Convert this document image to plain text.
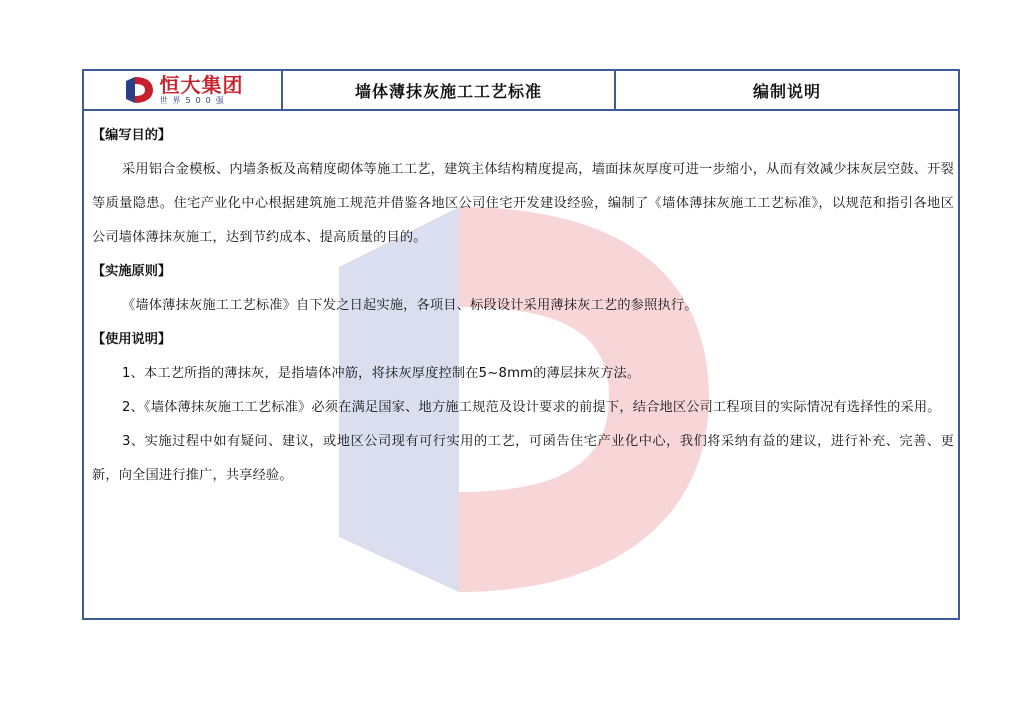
恒大集团
世界500强	墙体薄抹灰施工工艺标准	编制说明

【编写目的】

采用铝合金模板、内墙条板及高精度砌体等施工工艺，建筑主体结构精度提高，墙面抹灰厚度可进一步缩小，从而有效减少抹灰层空鼓、开裂等质量隐患。住宅产业化中心根据建筑施工规范并借鉴各地区公司住宅开发建设经验，编制了《墙体薄抹灰施工工艺标准》，以规范和指引各地区公司墙体薄抹灰施工，达到节约成本、提高质量的目的。

【实施原则】

《墙体薄抹灰施工工艺标准》自下发之日起实施，各项目、标段设计采用薄抹灰工艺的参照执行。

【使用说明】

1、本工艺所指的薄抹灰，是指墙体冲筋，将抹灰厚度控制在5~8mm的薄层抹灰方法。

2、《墙体薄抹灰施工工艺标准》必须在满足国家、地方施工规范及设计要求的前提下，结合地区公司工程项目的实际情况有选择性的采用。

3、实施过程中如有疑问、建议，或地区公司现有可行实用的工艺，可函告住宅产业化中心，我们将采纳有益的建议，进行补充、完善、更新，向全国进行推广，共享经验。
